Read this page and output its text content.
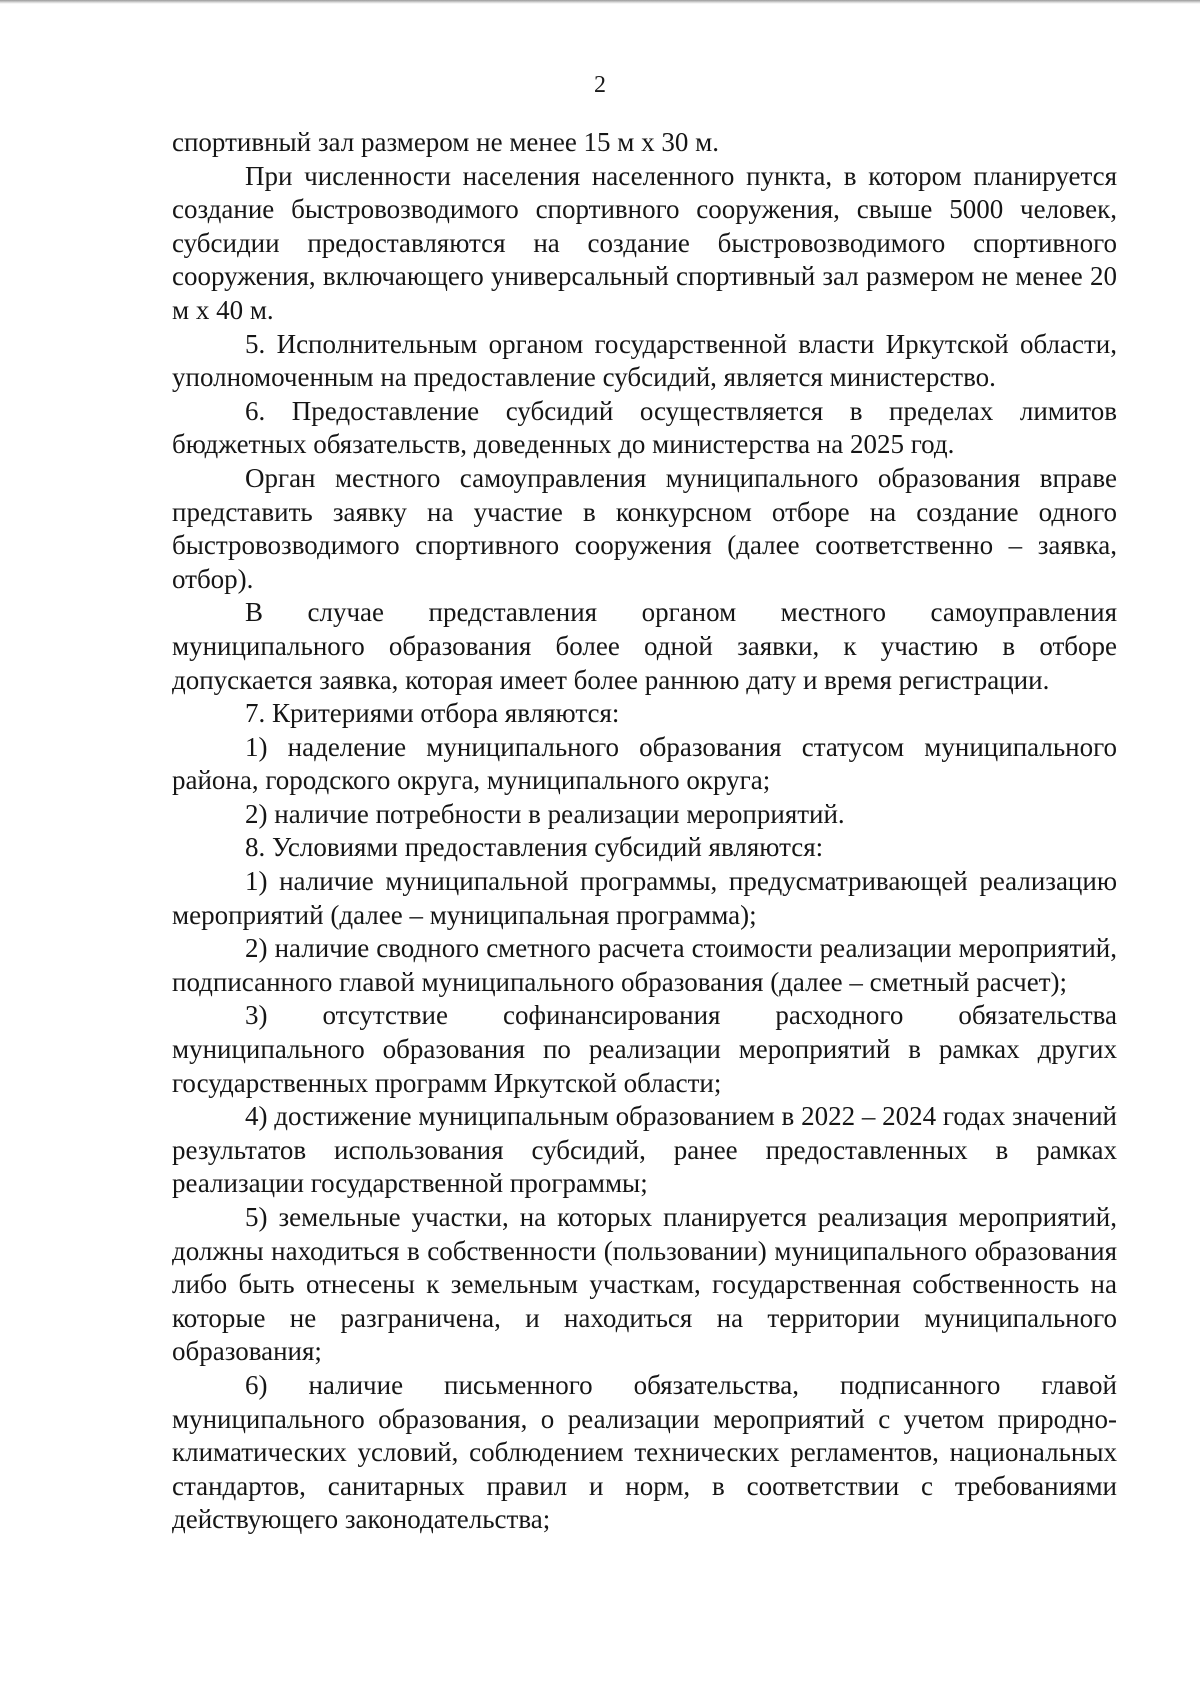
2

спортивный зал размером не менее 15 м х 30 м.

При численности населения населенного пункта, в котором планируется создание быстровозводимого спортивного сооружения, свыше 5000 человек, субсидии предоставляются на создание быстровозводимого спортивного сооружения, включающего универсальный спортивный зал размером не менее 20 м х 40 м.

5. Исполнительным органом государственной власти Иркутской области, уполномоченным на предоставление субсидий, является министерство.

6. Предоставление субсидий осуществляется в пределах лимитов бюджетных обязательств, доведенных до министерства на 2025 год.

Орган местного самоуправления муниципального образования вправе представить заявку на участие в конкурсном отборе на создание одного быстровозводимого спортивного сооружения (далее соответственно – заявка, отбор).

В случае представления органом местного самоуправления муниципального образования более одной заявки, к участию в отборе допускается заявка, которая имеет более раннюю дату и время регистрации.

7. Критериями отбора являются:

1) наделение муниципального образования статусом муниципального района, городского округа, муниципального округа;

2) наличие потребности в реализации мероприятий.

8. Условиями предоставления субсидий являются:

1) наличие муниципальной программы, предусматривающей реализацию мероприятий (далее – муниципальная программа);

2) наличие сводного сметного расчета стоимости реализации мероприятий, подписанного главой муниципального образования (далее – сметный расчет);

3) отсутствие софинансирования расходного обязательства муниципального образования по реализации мероприятий в рамках других государственных программ Иркутской области;

4) достижение муниципальным образованием в 2022 – 2024 годах значений результатов использования субсидий, ранее предоставленных в рамках реализации государственной программы;

5) земельные участки, на которых планируется реализация мероприятий, должны находиться в собственности (пользовании) муниципального образования либо быть отнесены к земельным участкам, государственная собственность на которые не разграничена, и находиться на территории муниципального образования;

6) наличие письменного обязательства, подписанного главой муниципального образования, о реализации мероприятий с учетом природно-климатических условий, соблюдением технических регламентов, национальных стандартов, санитарных правил и норм, в соответствии с требованиями действующего законодательства;
